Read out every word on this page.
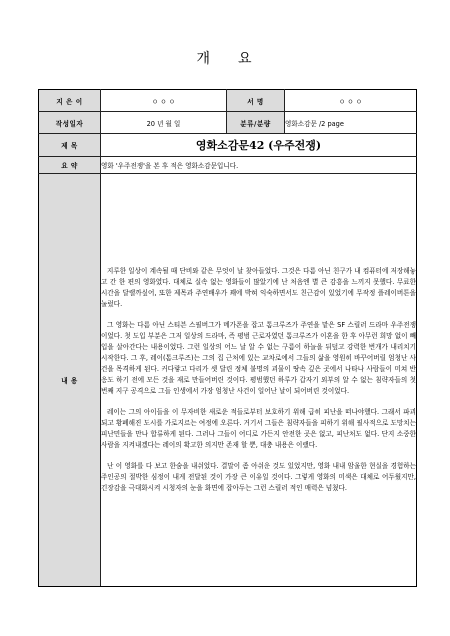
개 요
지 은 이	ㅇ ㅇ ㅇ	서 명	ㅇ ㅇ ㅇ
작성일자	20 년 월 일	분류/분량	영화소감문 /2 page
제 목	영화소감문42 (우주전쟁)		
요 약	영화 '우주전쟁'을 본 후 적은 영화소감문입니다.		
내 용	지루한 일상이 계속될 때 단비와 같은 무엇이 날 찾아들었다. 그것은 다름 아닌 친구가 내 컴퓨터에 저장해놓고 간 한 편의 영화였다. 대체로 실속 없는 영화들이 많았기에 난 처음엔 별 큰 감흥을 느끼지 못했다. 무료한 시간을 달랠까싶어, 또한 제목과 주연배우가 꽤에 박혀 익숙하면서도 친근감이 있었기에 무작정 플레이버튼을 눌렀다.

그 영화는 다름 아닌 스티븐 스필버그가 메가폰을 잡고 톰크루즈가 주연을 맡은 SF 스릴러 드라마 우주전쟁이었다. 첫 도입 부분은 그저 일상의 드라마, 즉 평범 근로자였던 톰크루즈가 이혼을 한 후 아무런 희망 없이 빼입을 살아간다는 내용이었다. 그런 일상의 어느 날 알 수 없는 구름이 하늘을 뒤덮고 강력한 번개가 내리치기 시작한다. 그 후, 레이(톰크루즈)는 그의 집 근처에 있는 교차로에서 그들의 삶을 영원히 바꾸어버릴 엄청난 사건을 목격하게 된다. 커다랗고 다리가 셋 달린 정체 불명의 괴물이 땅속 깊은 곳에서 나타나 사람들이 미쳐 반응도 하기 전에 모든 것을 재로 만들어버린 것이다. 평범했던 하루가 갑자기 외부의 알 수 없는 침략자들의 첫 번째 지구 공격으로 그들 인생에서 가장 엄청난 사건이 일어난 날이 되어버린 것이었다.

레이는 그의 아이들을 이 무자비한 새로운 적들로부터 보호하기 위해 급히 피난을 떠나야했다. 그래서 파괴되고 황폐해진 도시를 가로지르는 여정에 오른다. 거기서 그들은 침략자들을 피하기 위해 필사적으로 도망치는 피난민들을 만나 합류하게 된다. 그러나 그들이 어디로 가든지 안전한 곳은 없고, 피난처도 없다. 단지 소중한 사람을 지켜내겠다는 레이의 확고한 의지만 존재 할 뿐, 대충 내용은 이랬다.

난 이 영화를 다 보고 한숨을 내쉬었다. 결말이 좀 아쉬운 것도 있었지만, 영화 내내 암울한 현실을 경험하는 주인공의 절박한 심정이 내게 전달된 것이 가장 큰 이유일 것이다. 그렇게 영화의 미색은 대체로 어두웠지만, 긴장감을 극대화시켜 시청자의 눈을 화면에 잡아두는 그런 스릴러 적인 매력은 넘쳤다.		
